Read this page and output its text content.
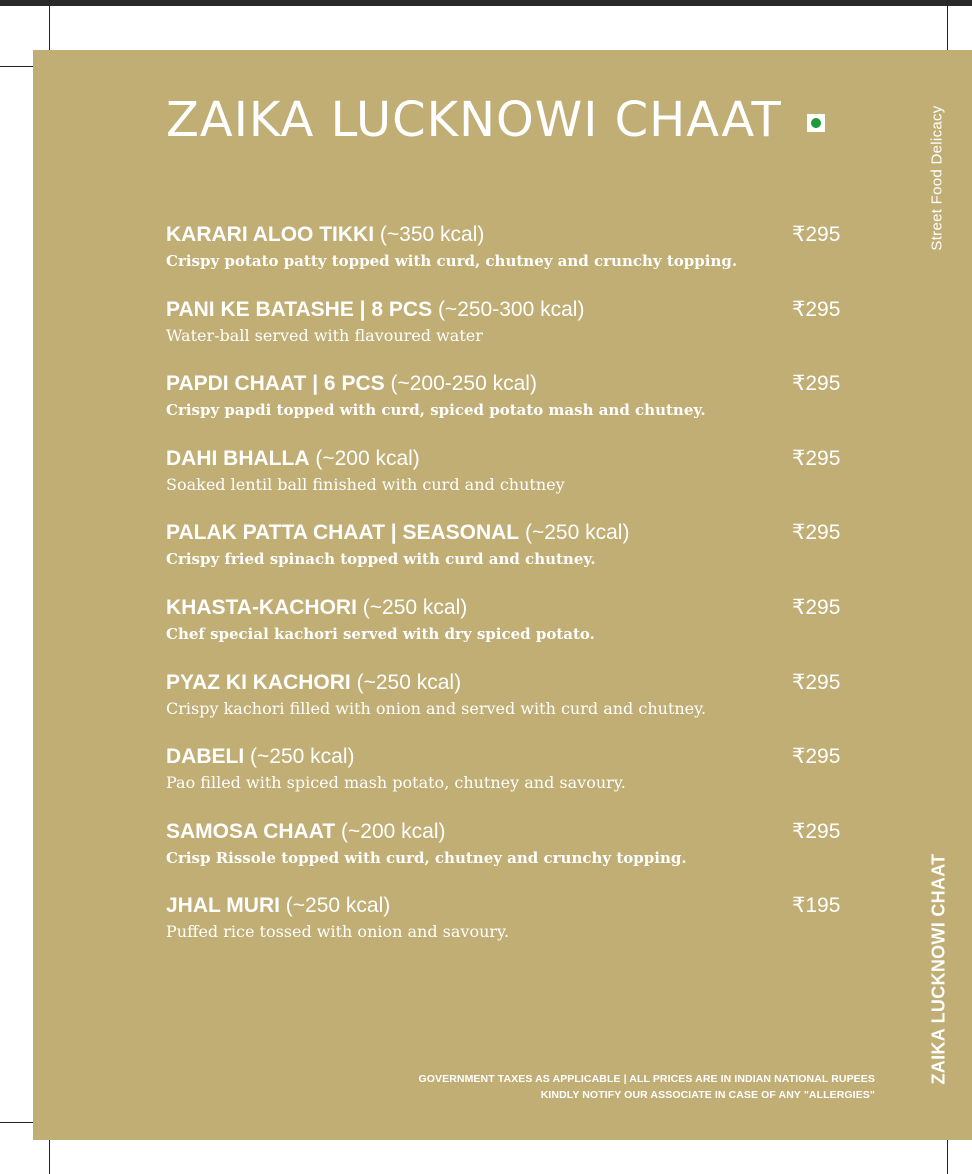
ZAIKA LUCKNOWI CHAAT	Street Food Delicacy
ZAIKA LUCKNOWI CHAAT
KARARI ALOO TIKKI (~350 kcal)	₹295
Crispy potato patty topped with curd, chutney and crunchy topping.
PANI KE BATASHE | 8 PCS (~250-300 kcal)	₹295
Water-ball served with flavoured water
PAPDI CHAAT | 6 PCS (~200-250 kcal)	₹295
Crispy papdi topped with curd, spiced potato mash and chutney.
DAHI BHALLA (~200 kcal)	₹295
Soaked lentil ball finished with curd and chutney
PALAK PATTA CHAAT | SEASONAL (~250 kcal)	₹295
Crispy fried spinach topped with curd and chutney.
KHASTA-KACHORI (~250 kcal)	₹295
Chef special kachori served with dry spiced potato.
PYAZ KI KACHORI (~250 kcal)	₹295
Crispy kachori filled with onion and served with curd and chutney.
DABELI (~250 kcal)	₹295
Pao filled with spiced mash potato, chutney and savoury.
SAMOSA CHAAT (~200 kcal)	₹295
Crisp Rissole topped with curd, chutney and crunchy topping.
JHAL MURI (~250 kcal)	₹195
Puffed rice tossed with onion and savoury.
GOVERNMENT TAXES AS APPLICABLE | ALL PRICES ARE IN INDIAN NATIONAL RUPEES
KINDLY NOTIFY OUR ASSOCIATE IN CASE OF ANY "ALLERGIES"
